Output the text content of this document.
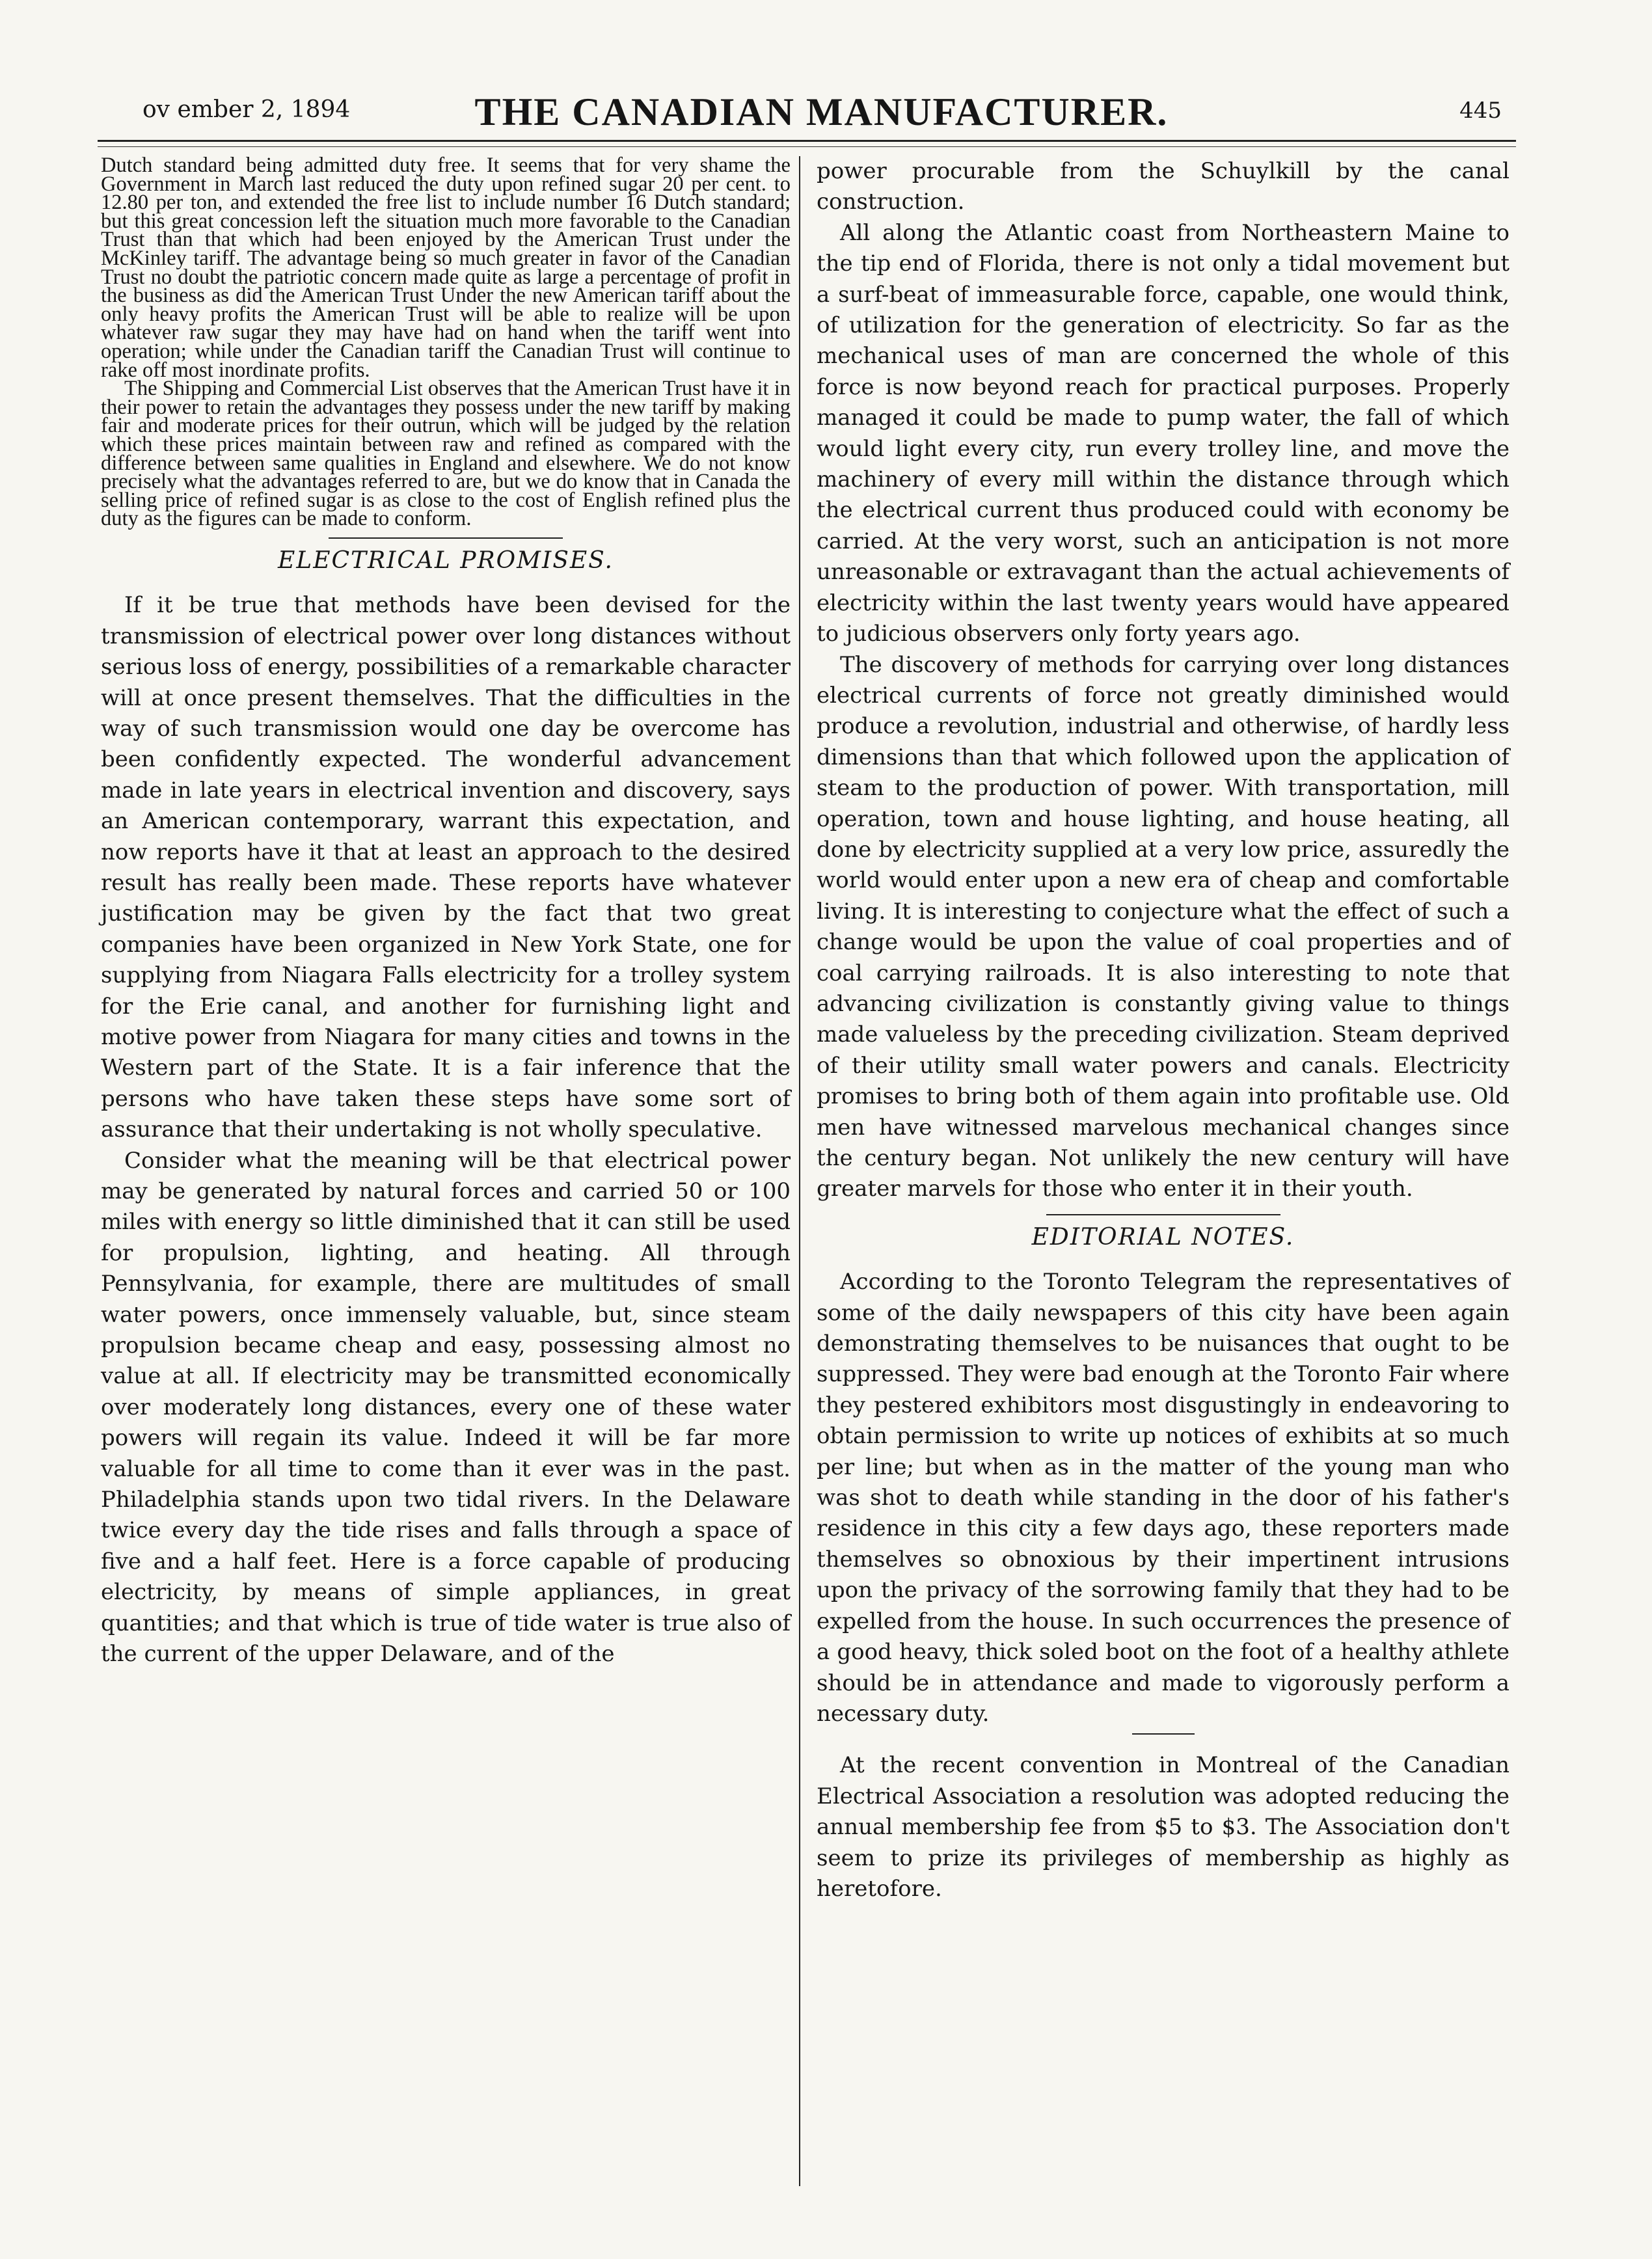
ov ember 2, 1894	THE CANADIAN MANUFACTURER.	445

Dutch standard being admitted duty free. It seems that for very shame the Government in March last reduced the duty upon refined sugar 20 per cent. to 12.80 per ton, and extended the free list to include number 16 Dutch standard; but this great concession left the situation much more favorable to the Canadian Trust than that which had been enjoyed by the American Trust under the McKinley tariff. The advantage being so much greater in favor of the Canadian Trust no doubt the patriotic concern made quite as large a percentage of profit in the business as did the American Trust Under the new American tariff about the only heavy profits the American Trust will be able to realize will be upon whatever raw sugar they may have had on hand when the tariff went into operation; while under the Canadian tariff the Canadian Trust will continue to rake off most inordinate profits.

The Shipping and Commercial List observes that the American Trust have it in their power to retain the advantages they possess under the new tariff by making fair and moderate prices for their outrun, which will be judged by the relation which these prices maintain between raw and refined as compared with the difference between same qualities in England and elsewhere. We do not know precisely what the advantages referred to are, but we do know that in Canada the selling price of refined sugar is as close to the cost of English refined plus the duty as the figures can be made to conform.

ELECTRICAL PROMISES.

If it be true that methods have been devised for the transmission of electrical power over long distances without serious loss of energy, possibilities of a remarkable character will at once present themselves. That the difficulties in the way of such transmission would one day be overcome has been confidently expected. The wonderful advancement made in late years in electrical invention and discovery, says an American contemporary, warrant this expectation, and now reports have it that at least an approach to the desired result has really been made. These reports have whatever justification may be given by the fact that two great companies have been organized in New York State, one for supplying from Niagara Falls electricity for a trolley system for the Erie canal, and another for furnishing light and motive power from Niagara for many cities and towns in the Western part of the State. It is a fair inference that the persons who have taken these steps have some sort of assurance that their undertaking is not wholly speculative.

Consider what the meaning will be that electrical power may be generated by natural forces and carried 50 or 100 miles with energy so little diminished that it can still be used for propulsion, lighting, and heating. All through Pennsylvania, for example, there are multitudes of small water powers, once immensely valuable, but, since steam propulsion became cheap and easy, possessing almost no value at all. If electricity may be transmitted economically over moderately long distances, every one of these water powers will regain its value. Indeed it will be far more valuable for all time to come than it ever was in the past. Philadelphia stands upon two tidal rivers. In the Delaware twice every day the tide rises and falls through a space of five and a half feet. Here is a force capable of producing electricity, by means of simple appliances, in great quantities; and that which is true of tide water is true also of the current of the upper Delaware, and of the

power procurable from the Schuylkill by the canal construction.

All along the Atlantic coast from Northeastern Maine to the tip end of Florida, there is not only a tidal movement but a surf-beat of immeasurable force, capable, one would think, of utilization for the generation of electricity. So far as the mechanical uses of man are concerned the whole of this force is now beyond reach for practical purposes. Properly managed it could be made to pump water, the fall of which would light every city, run every trolley line, and move the machinery of every mill within the distance through which the electrical current thus produced could with economy be carried. At the very worst, such an anticipation is not more unreasonable or extravagant than the actual achievements of electricity within the last twenty years would have appeared to judicious observers only forty years ago.

The discovery of methods for carrying over long distances electrical currents of force not greatly diminished would produce a revolution, industrial and otherwise, of hardly less dimensions than that which followed upon the application of steam to the production of power. With transportation, mill operation, town and house lighting, and house heating, all done by electricity supplied at a very low price, assuredly the world would enter upon a new era of cheap and comfortable living. It is interesting to conjecture what the effect of such a change would be upon the value of coal properties and of coal carrying railroads. It is also interesting to note that advancing civilization is constantly giving value to things made valueless by the preceding civilization. Steam deprived of their utility small water powers and canals. Electricity promises to bring both of them again into profitable use. Old men have witnessed marvelous mechanical changes since the century began. Not unlikely the new century will have greater marvels for those who enter it in their youth.

EDITORIAL NOTES.

According to the Toronto Telegram the representatives of some of the daily newspapers of this city have been again demonstrating themselves to be nuisances that ought to be suppressed. They were bad enough at the Toronto Fair where they pestered exhibitors most disgustingly in endeavoring to obtain permission to write up notices of exhibits at so much per line; but when as in the matter of the young man who was shot to death while standing in the door of his father's residence in this city a few days ago, these reporters made themselves so obnoxious by their impertinent intrusions upon the privacy of the sorrowing family that they had to be expelled from the house. In such occurrences the presence of a good heavy, thick soled boot on the foot of a healthy athlete should be in attendance and made to vigorously perform a necessary duty.

At the recent convention in Montreal of the Canadian Electrical Association a resolution was adopted reducing the annual membership fee from $5 to $3. The Association don't seem to prize its privileges of membership as highly as heretofore.
